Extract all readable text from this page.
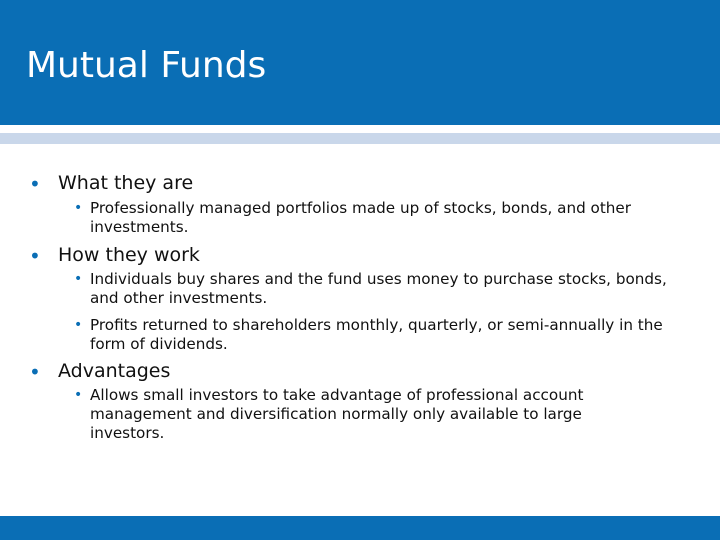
Mutual Funds
• What they are
• Professionally managed portfolios made up of stocks, bonds, and other investments.

• How they work
• Individuals buy shares and the fund uses money to purchase stocks, bonds, and other investments.

• Profits returned to shareholders monthly, quarterly, or semi-annually in the form of dividends.

• Advantages
• Allows small investors to take advantage of professional account management and diversification normally only available to large investors.
